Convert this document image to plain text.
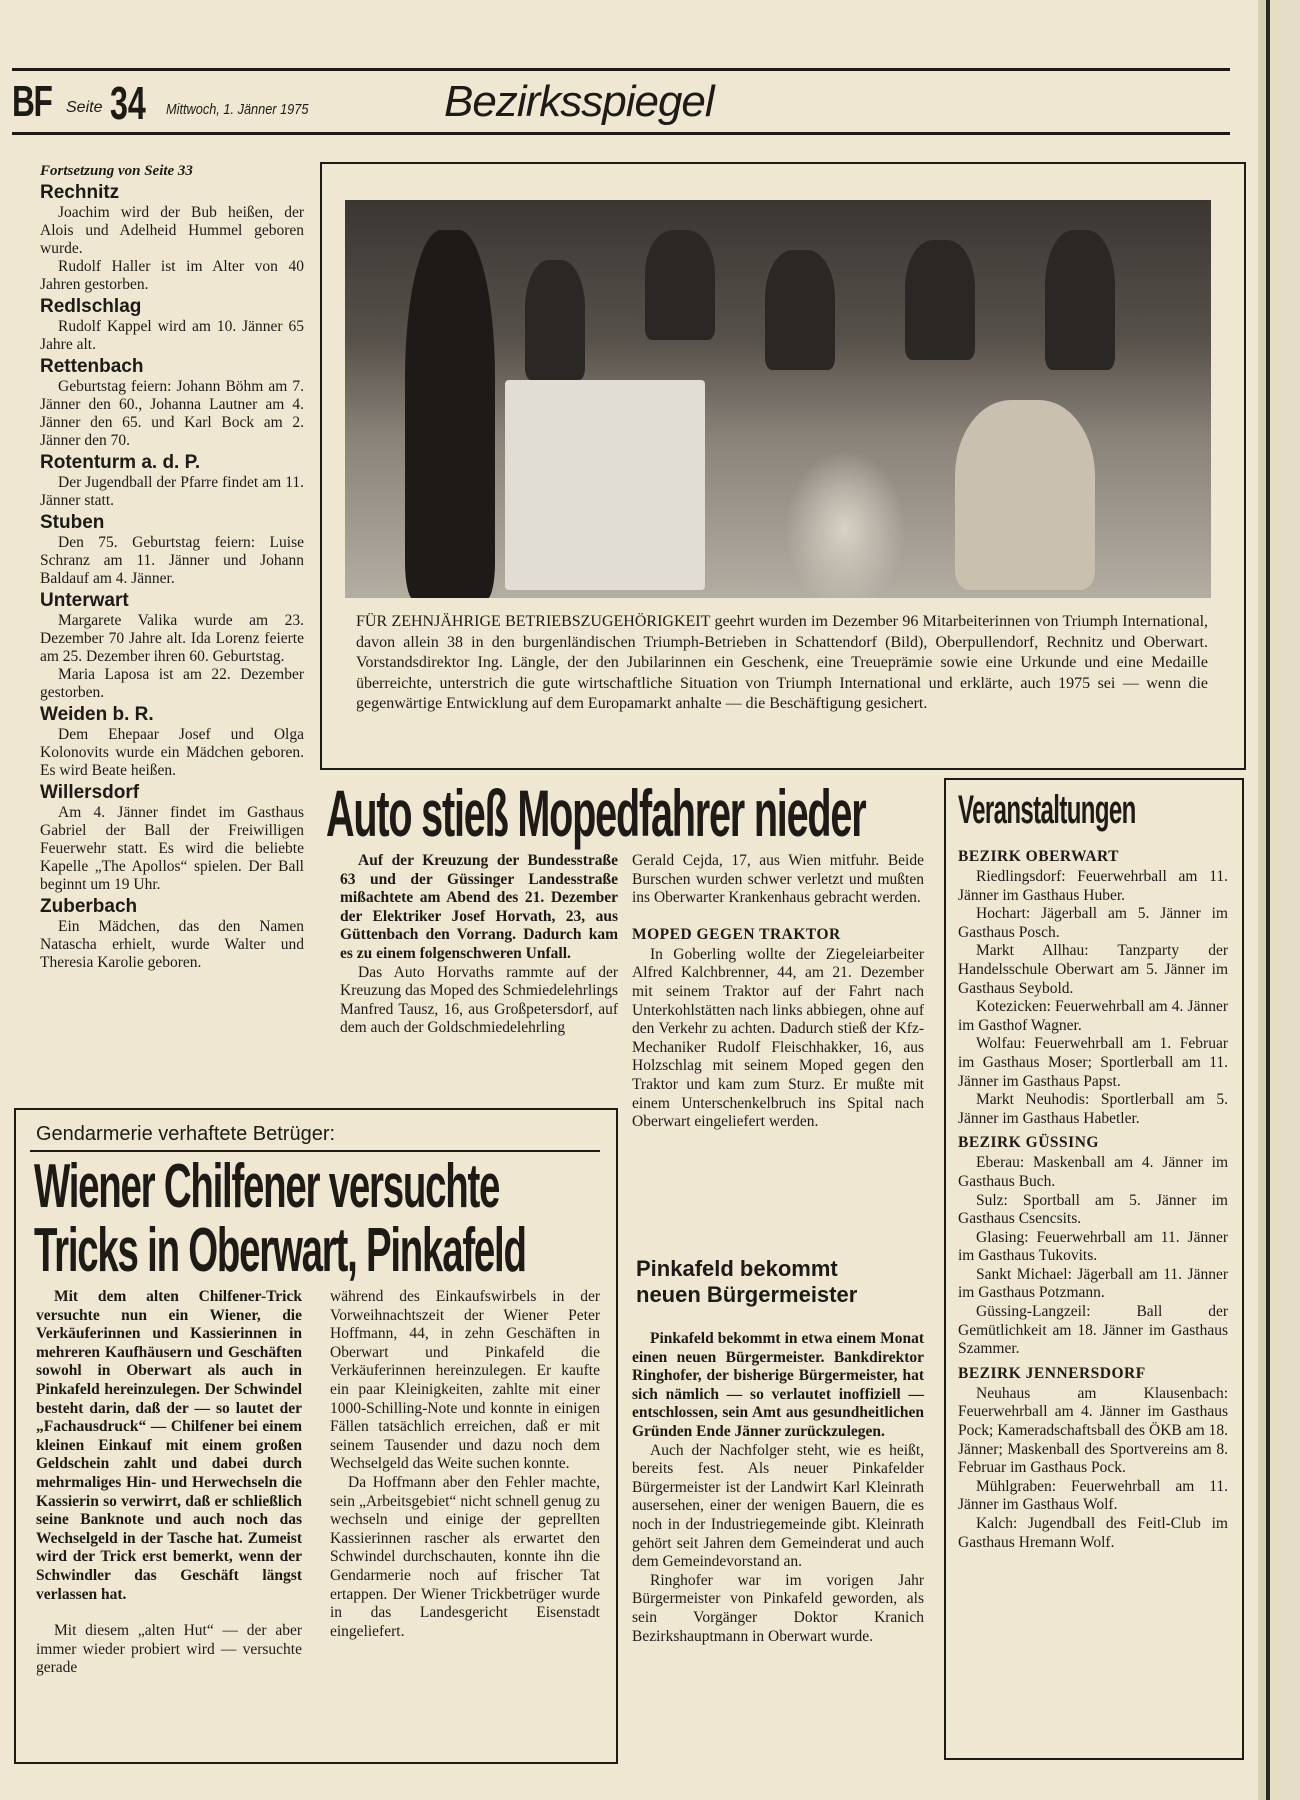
BF Seite 34 Mittwoch, 1. Jänner 1975	Bezirksspiegel

Fortsetzung von Seite 33

Rechnitz

Joachim wird der Bub heißen, der Alois und Adelheid Hummel geboren wurde.

Rudolf Haller ist im Alter von 40 Jahren gestorben.

Redlschlag

Rudolf Kappel wird am 10. Jänner 65 Jahre alt.

Rettenbach

Geburtstag feiern: Johann Böhm am 7. Jänner den 60., Johanna Lautner am 4. Jänner den 65. und Karl Bock am 2. Jänner den 70.

Rotenturm a. d. P.

Der Jugendball der Pfarre findet am 11. Jänner statt.

Stuben

Den 75. Geburtstag feiern: Luise Schranz am 11. Jänner und Johann Baldauf am 4. Jänner.

Unterwart

Margarete Valika wurde am 23. Dezember 70 Jahre alt. Ida Lorenz feierte am 25. Dezember ihren 60. Geburtstag.

Maria Laposa ist am 22. Dezember gestorben.

Weiden b. R.

Dem Ehepaar Josef und Olga Kolonovits wurde ein Mädchen geboren. Es wird Beate heißen.

Willersdorf

Am 4. Jänner findet im Gasthaus Gabriel der Ball der Freiwilligen Feuerwehr statt. Es wird die beliebte Kapelle „The Apollos“ spielen. Der Ball beginnt um 19 Uhr.

Zuberbach

Ein Mädchen, das den Namen Natascha erhielt, wurde Walter und Theresia Karolie geboren.

FÜR ZEHNJÄHRIGE BETRIEBSZUGEHÖRIGKEIT geehrt wurden im Dezember 96 Mitarbeiterinnen von Triumph International, davon allein 38 in den burgenländischen Triumph-Betrieben in Schattendorf (Bild), Oberpullendorf, Rechnitz und Oberwart. Vorstandsdirektor Ing. Längle, der den Jubilarinnen ein Geschenk, eine Treueprämie sowie eine Urkunde und eine Medaille überreichte, unterstrich die gute wirtschaftliche Situation von Triumph International und erklärte, auch 1975 sei — wenn die gegenwärtige Entwicklung auf dem Europamarkt anhalte — die Beschäftigung gesichert.
Auto stieß Mopedfahrer nieder

Auf der Kreuzung der Bundesstraße 63 und der Güssinger Landesstraße mißachtete am Abend des 21. Dezember der Elektriker Josef Horvath, 23, aus Güttenbach den Vorrang. Dadurch kam es zu einem folgenschweren Unfall.

Das Auto Horvaths rammte auf der Kreuzung das Moped des Schmiedelehrlings Manfred Tausz, 16, aus Großpetersdorf, auf dem auch der Goldschmiedelehrling

Gerald Cejda, 17, aus Wien mitfuhr. Beide Burschen wurden schwer verletzt und mußten ins Oberwarter Krankenhaus gebracht werden.

MOPED GEGEN TRAKTOR

In Goberling wollte der Ziegeleiarbeiter Alfred Kalchbrenner, 44, am 21. Dezember mit seinem Traktor auf der Fahrt nach Unterkohlstätten nach links abbiegen, ohne auf den Verkehr zu achten. Dadurch stieß der Kfz-Mechaniker Rudolf Fleischhakker, 16, aus Holzschlag mit seinem Moped gegen den Traktor und kam zum Sturz. Er mußte mit einem Unterschenkelbruch ins Spital nach Oberwart eingeliefert werden.

Pinkafeld bekommt neuen Bürgermeister

Pinkafeld bekommt in etwa einem Monat einen neuen Bürgermeister. Bankdirektor Ringhofer, der bisherige Bürgermeister, hat sich nämlich — so verlautet inoffiziell — entschlossen, sein Amt aus gesundheitlichen Gründen Ende Jänner zurückzulegen.

Auch der Nachfolger steht, wie es heißt, bereits fest. Als neuer Pinkafelder Bürgermeister ist der Landwirt Karl Kleinrath ausersehen, einer der wenigen Bauern, die es noch in der Industriegemeinde gibt. Kleinrath gehört seit Jahren dem Gemeinderat und auch dem Gemeindevorstand an.

Ringhofer war im vorigen Jahr Bürgermeister von Pinkafeld geworden, als sein Vorgänger Doktor Kranich Bezirkshauptmann in Oberwart wurde.

Veranstaltungen
BEZIRK OBERWART

Riedlingsdorf: Feuerwehrball am 11. Jänner im Gasthaus Huber.

Hochart: Jägerball am 5. Jänner im Gasthaus Posch.

Markt Allhau: Tanzparty der Handelsschule Oberwart am 5. Jänner im Gasthaus Seybold.

Kotezicken: Feuerwehrball am 4. Jänner im Gasthof Wagner.

Wolfau: Feuerwehrball am 1. Februar im Gasthaus Moser; Sportlerball am 11. Jänner im Gasthaus Papst.

Markt Neuhodis: Sportlerball am 5. Jänner im Gasthaus Habetler.

BEZIRK GÜSSING

Eberau: Maskenball am 4. Jänner im Gasthaus Buch.

Sulz: Sportball am 5. Jänner im Gasthaus Csencsits.

Glasing: Feuerwehrball am 11. Jänner im Gasthaus Tukovits.

Sankt Michael: Jägerball am 11. Jänner im Gasthaus Potzmann.

Güssing-Langzeil: Ball der Gemütlichkeit am 18. Jänner im Gasthaus Szammer.

BEZIRK JENNERSDORF

Neuhaus am Klausenbach: Feuerwehrball am 4. Jänner im Gasthaus Pock; Kameradschaftsball des ÖKB am 18. Jänner; Maskenball des Sportvereins am 8. Februar im Gasthaus Pock.

Mühlgraben: Feuerwehrball am 11. Jänner im Gasthaus Wolf.

Kalch: Jugendball des Feitl-Club im Gasthaus Hremann Wolf.

Gendarmerie verhaftete Betrüger:
Wiener Chilfener versuchte
Tricks in Oberwart, Pinkafeld

Mit dem alten Chilfener-Trick versuchte nun ein Wiener, die Verkäuferinnen und Kassierinnen in mehreren Kaufhäusern und Geschäften sowohl in Oberwart als auch in Pinkafeld hereinzulegen. Der Schwindel besteht darin, daß der — so lautet der „Fachausdruck“ — Chilfener bei einem kleinen Einkauf mit einem großen Geldschein zahlt und dabei durch mehrmaliges Hin- und Herwechseln die Kassierin so verwirrt, daß er schließlich seine Banknote und auch noch das Wechselgeld in der Tasche hat. Zumeist wird der Trick erst bemerkt, wenn der Schwindler das Geschäft längst verlassen hat.

Mit diesem „alten Hut“ — der aber immer wieder probiert wird — versuchte gerade

während des Einkaufswirbels in der Vorweihnachtszeit der Wiener Peter Hoffmann, 44, in zehn Geschäften in Oberwart und Pinkafeld die Verkäuferinnen hereinzulegen. Er kaufte ein paar Kleinigkeiten, zahlte mit einer 1000-Schilling-Note und konnte in einigen Fällen tatsächlich erreichen, daß er mit seinem Tausender und dazu noch dem Wechselgeld das Weite suchen konnte.

Da Hoffmann aber den Fehler machte, sein „Arbeitsgebiet“ nicht schnell genug zu wechseln und einige der geprellten Kassierinnen rascher als erwartet den Schwindel durchschauten, konnte ihn die Gendarmerie noch auf frischer Tat ertappen. Der Wiener Trickbetrüger wurde in das Landesgericht Eisenstadt eingeliefert.
